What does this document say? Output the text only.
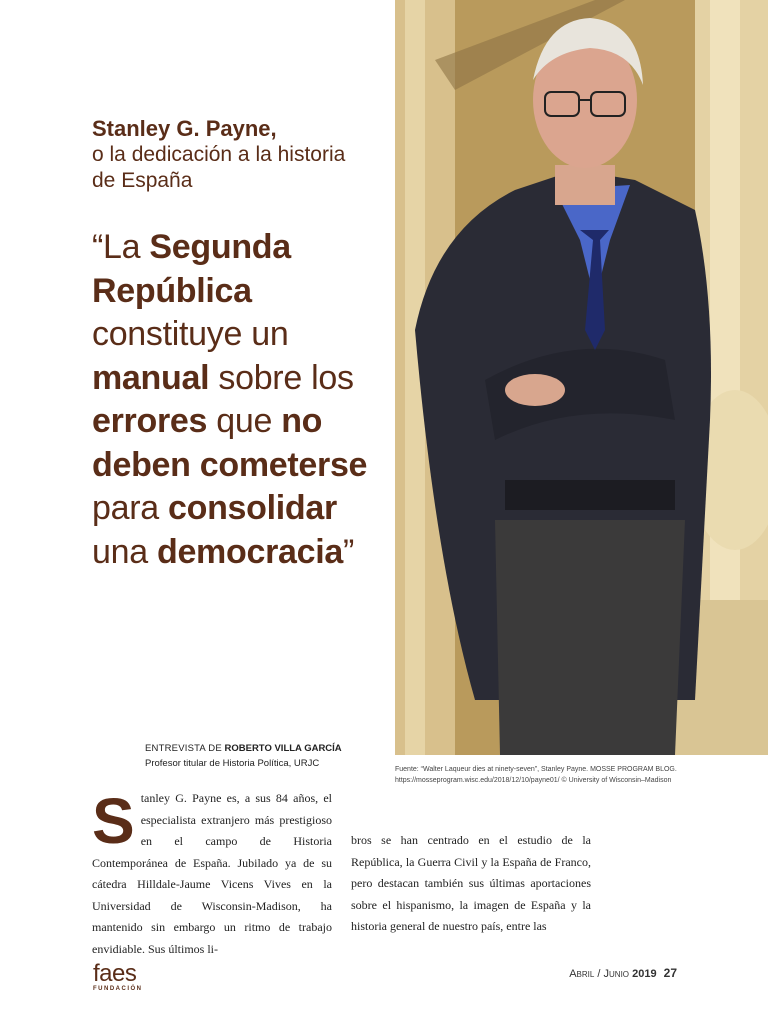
Stanley G. Payne,
o la dedicación a la historia
de España
“La Segunda República constituye un manual sobre los errores que no deben cometerse para consolidar una democracia”
ENTREVISTA DE ROBERTO VILLA GARCÍA
Profesor titular de Historia Política, URJC
Fuente: “Walter Laqueur dies at ninety-seven”, Stanley Payne. MOSSE PROGRAM BLOG.
https://mosseprogram.wisc.edu/2018/12/10/payne01/ © University of Wisconsin–Madison
Stanley G. Payne es, a sus 84 años, el especialista extranjero más prestigioso en el campo de Historia Contemporánea de España. Jubilado ya de su cátedra Hilldale-Jaume Vicens Vives en la Universidad de Wisconsin-Madison, ha mantenido sin embargo un ritmo de trabajo envidiable. Sus últimos li-
bros se han centrado en el estudio de la República, la Guerra Civil y la España de Franco, pero destacan también sus últimas aportaciones sobre el hispanismo, la imagen de España y la historia general de nuestro país, entre las
faes
FUNDACIÓN
Abril / Junio 2019 27
